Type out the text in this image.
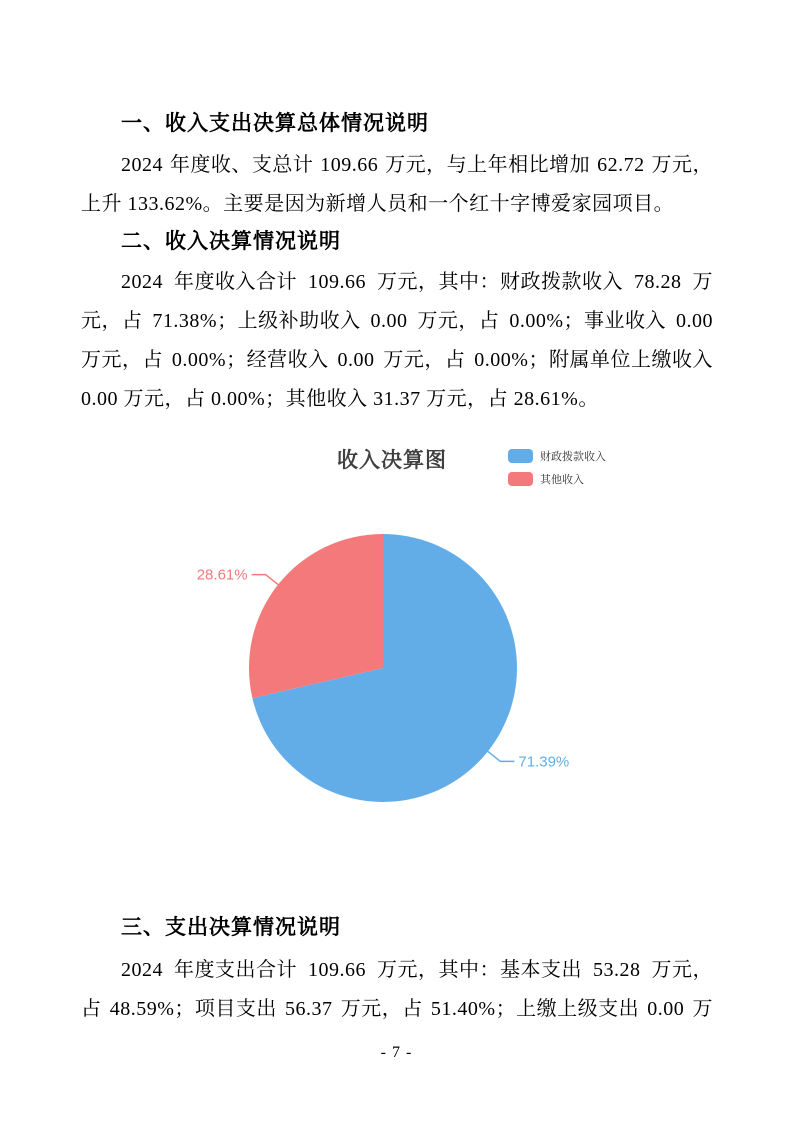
一、收入支出决算总体情况说明
2024 年度收、支总计 109.66 万元，与上年相比增加 62.72 万元，
上升 133.62%。主要是因为新增人员和一个红十字博爱家园项目。
二、收入决算情况说明
2024 年度收入合计 109.66 万元，其中：财政拨款收入 78.28 万
元，占 71.38%；上级补助收入 0.00 万元，占 0.00%；事业收入 0.00
万元，占 0.00%；经营收入 0.00 万元，占 0.00%；附属单位上缴收入
0.00 万元，占 0.00%；其他收入 31.37 万元，占 28.61%。
收入决算图	财政拨款收入
其他收入
71.39%
28.61%
三、支出决算情况说明
2024 年度支出合计 109.66 万元，其中：基本支出 53.28 万元，
占 48.59%；项目支出 56.37 万元，占 51.40%；上缴上级支出 0.00 万
- 7 -
